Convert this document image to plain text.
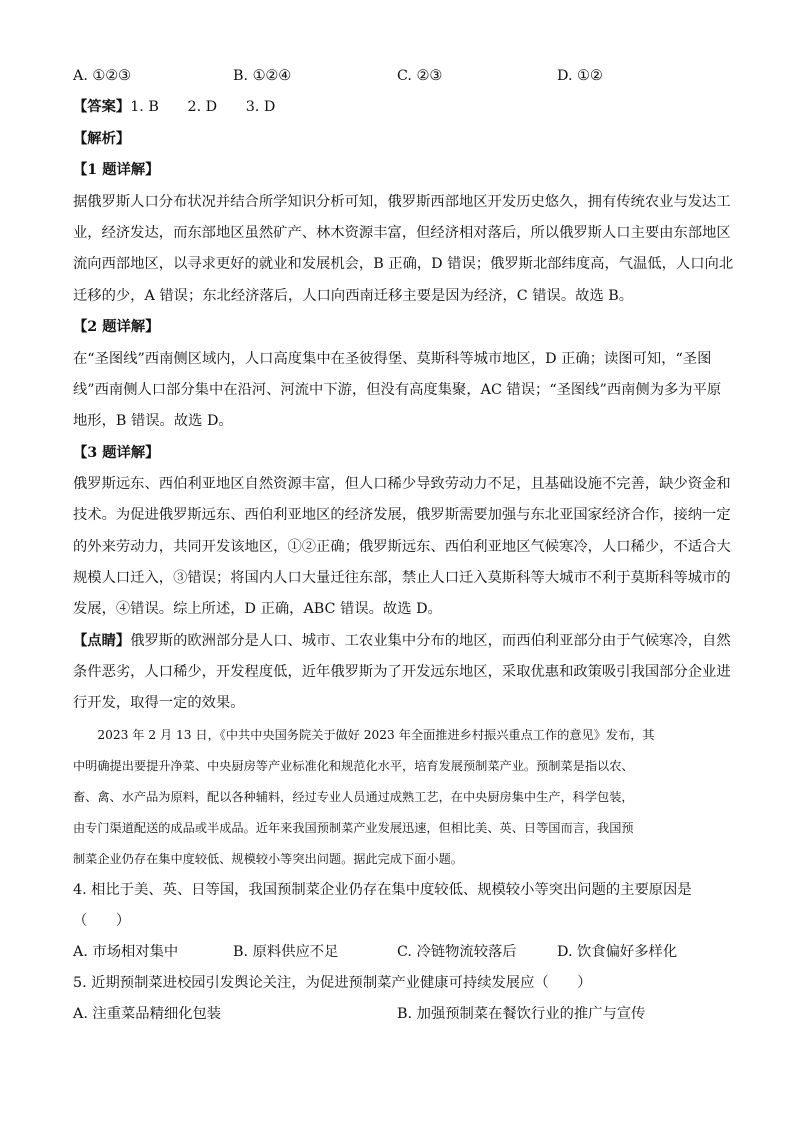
A. ①②③	B. ①②④	C. ②③	D. ①②
【答案】1. B　　2. D　　3. D
【解析】
【1 题详解】
据俄罗斯人口分布状况并结合所学知识分析可知，俄罗斯西部地区开发历史悠久，拥有传统农业与发达工
业，经济发达，而东部地区虽然矿产、林木资源丰富，但经济相对落后，所以俄罗斯人口主要由东部地区
流向西部地区，以寻求更好的就业和发展机会，B 正确，D 错误；俄罗斯北部纬度高，气温低，人口向北
迁移的少，A 错误；东北经济落后，人口向西南迁移主要是因为经济，C 错误。故选 B。
【2 题详解】
在“圣图线”西南侧区域内，人口高度集中在圣彼得堡、莫斯科等城市地区，D 正确；读图可知，“圣图
线”西南侧人口部分集中在沿河、河流中下游，但没有高度集聚，AC 错误；“圣图线”西南侧为多为平原
地形，B 错误。故选 D。
【3 题详解】
俄罗斯远东、西伯利亚地区自然资源丰富，但人口稀少导致劳动力不足，且基础设施不完善，缺少资金和
技术。为促进俄罗斯远东、西伯利亚地区的经济发展，俄罗斯需要加强与东北亚国家经济合作，接纳一定
的外来劳动力，共同开发该地区，①②正确；俄罗斯远东、西伯利亚地区气候寒冷，人口稀少，不适合大
规模人口迁入，③错误；将国内人口大量迁往东部，禁止人口迁入莫斯科等大城市不利于莫斯科等城市的
发展，④错误。综上所述，D 正确，ABC 错误。故选 D。
【点睛】俄罗斯的欧洲部分是人口、城市、工农业集中分布的地区，而西伯利亚部分由于气候寒冷，自然
条件恶劣，人口稀少，开发程度低，近年俄罗斯为了开发远东地区，采取优惠和政策吸引我国部分企业进
行开发，取得一定的效果。
　　2023 年 2 月 13 日，《中共中央国务院关于做好 2023 年全面推进乡村振兴重点工作的意见》发布，其
中明确提出要提升净菜、中央厨房等产业标准化和规范化水平，培育发展预制菜产业。预制菜是指以农、
畜、禽、水产品为原料，配以各种辅料，经过专业人员通过成熟工艺，在中央厨房集中生产，科学包装，
由专门渠道配送的成品或半成品。近年来我国预制菜产业发展迅速，但相比美、英、日等国而言，我国预
制菜企业仍存在集中度较低、规模较小等突出问题。据此完成下面小题。
4. 相比于美、英、日等国，我国预制菜企业仍存在集中度较低、规模较小等突出问题的主要原因是
（　　）
A. 市场相对集中	B. 原料供应不足	C. 冷链物流较落后	D. 饮食偏好多样化
5. 近期预制菜进校园引发舆论关注，为促进预制菜产业健康可持续发展应（　　）
A. 注重菜品精细化包装	B. 加强预制菜在餐饮行业的推广与宣传
